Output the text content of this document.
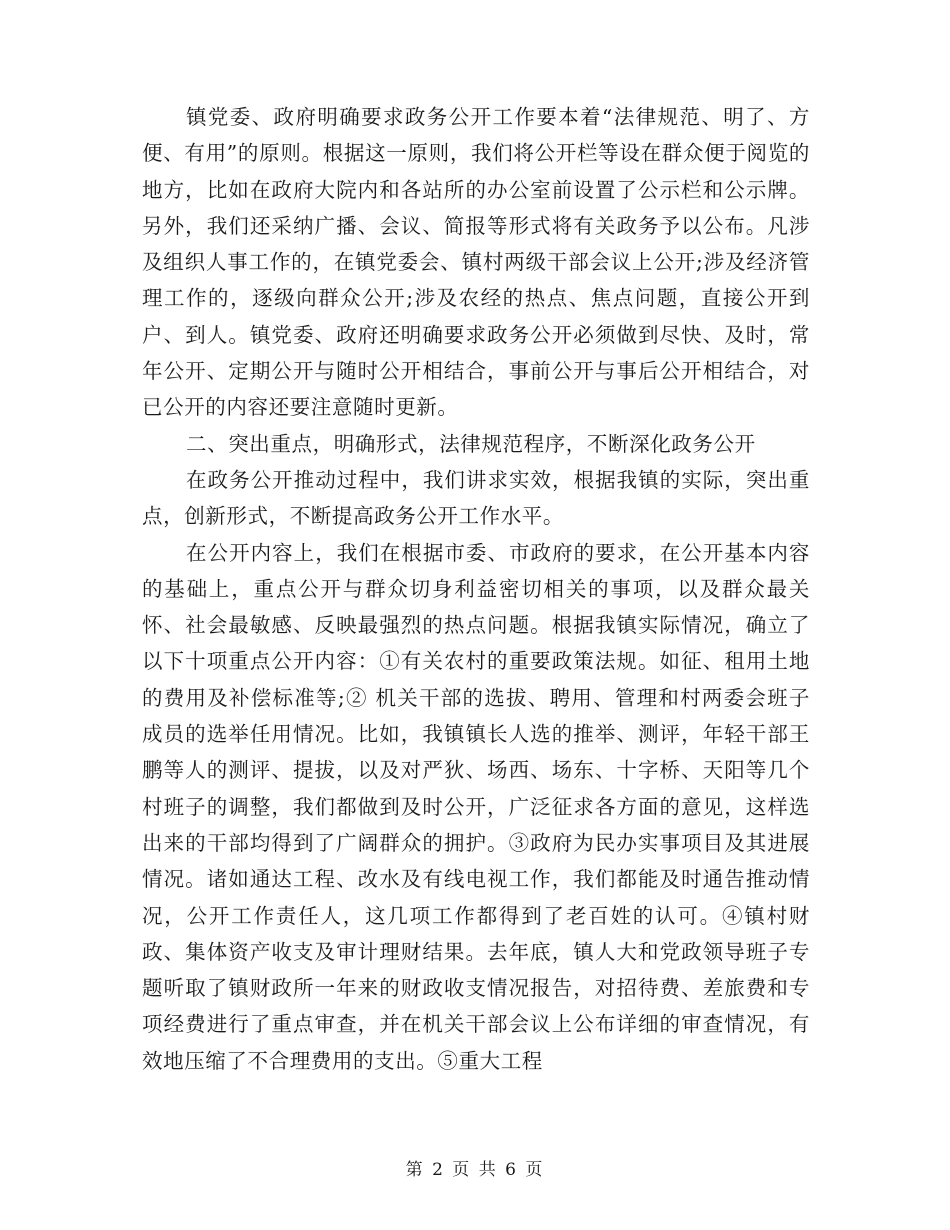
镇党委、政府明确要求政务公开工作要本着“法律规范、明了、方便、有用”的原则。根据这一原则，我们将公开栏等设在群众便于阅览的地方，比如在政府大院内和各站所的办公室前设置了公示栏和公示牌。另外，我们还采纳广播、会议、简报等形式将有关政务予以公布。凡涉及组织人事工作的，在镇党委会、镇村两级干部会议上公开;涉及经济管理工作的，逐级向群众公开;涉及农经的热点、焦点问题，直接公开到户、到人。镇党委、政府还明确要求政务公开必须做到尽快、及时，常年公开、定期公开与随时公开相结合，事前公开与事后公开相结合，对已公开的内容还要注意随时更新。

二、突出重点，明确形式，法律规范程序，不断深化政务公开

在政务公开推动过程中，我们讲求实效，根据我镇的实际，突出重点，创新形式，不断提高政务公开工作水平。

在公开内容上，我们在根据市委、市政府的要求，在公开基本内容的基础上，重点公开与群众切身利益密切相关的事项，以及群众最关怀、社会最敏感、反映最强烈的热点问题。根据我镇实际情况，确立了以下十项重点公开内容：①有关农村的重要政策法规。如征、租用土地的费用及补偿标准等;② 机关干部的选拔、聘用、管理和村两委会班子成员的选举任用情况。比如，我镇镇长人选的推举、测评，年轻干部王鹏等人的测评、提拔，以及对严狄、场西、场东、十字桥、天阳等几个村班子的调整，我们都做到及时公开，广泛征求各方面的意见，这样选出来的干部均得到了广阔群众的拥护。③政府为民办实事项目及其进展情况。诸如通达工程、改水及有线电视工作，我们都能及时通告推动情况，公开工作责任人，这几项工作都得到了老百姓的认可。④镇村财政、集体资产收支及审计理财结果。去年底，镇人大和党政领导班子专题听取了镇财政所一年来的财政收支情况报告，对招待费、差旅费和专项经费进行了重点审查，并在机关干部会议上公布详细的审查情况，有效地压缩了不合理费用的支出。⑤重大工程

第 2 页 共 6 页
